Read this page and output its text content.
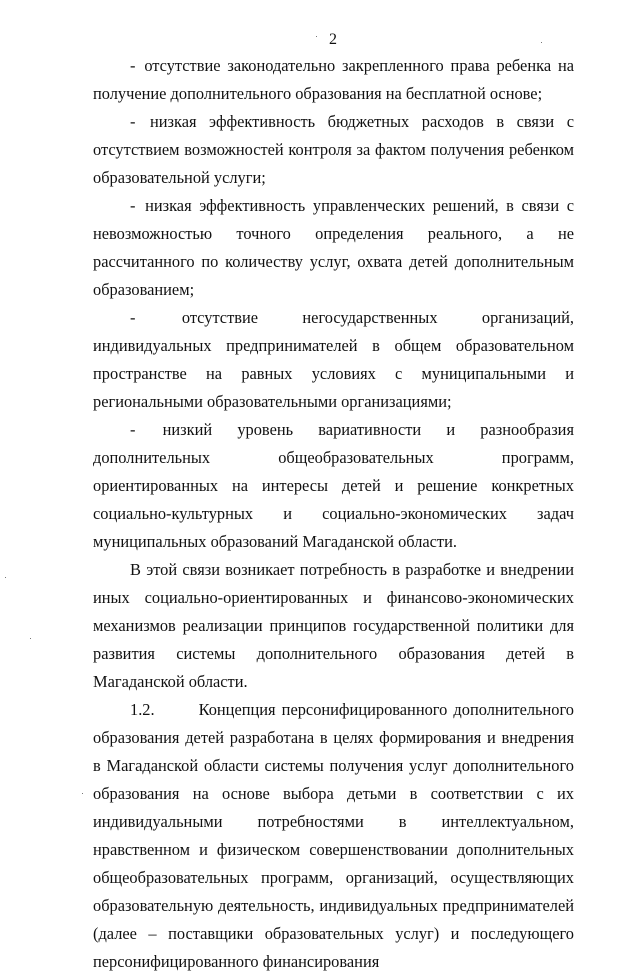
2

- отсутствие законодательно закрепленного права ребенка на получение дополнительного образования на бесплатной основе;

- низкая эффективность бюджетных расходов в связи с отсутствием возможностей контроля за фактом получения ребенком образовательной услуги;

- низкая эффективность управленческих решений, в связи с невозможностью точного определения реального, а не рассчитанного по количеству услуг, охвата детей дополнительным образованием;

- отсутствие негосударственных организаций, индивидуальных предпринимателей в общем образовательном пространстве на равных условиях с муниципальными и региональными образовательными организациями;

- низкий уровень вариативности и разнообразия дополнительных общеобразовательных программ, ориентированных на интересы детей и решение конкретных социально-культурных и социально-экономических задач муниципальных образований Магаданской области.

В этой связи возникает потребность в разработке и внедрении иных социально-ориентированных и финансово-экономических механизмов реализации принципов государственной политики для развития системы дополнительного образования детей в Магаданской области.

1.2.	Концепция персонифицированного дополнительного образования детей разработана в целях формирования и внедрения в Магаданской области системы получения услуг дополнительного образования на основе выбора детьми в соответствии с их индивидуальными потребностями в интеллектуальном, нравственном и физическом совершенствовании дополнительных общеобразовательных программ, организаций, осуществляющих образовательную деятельность, индивидуальных предпринимателей (далее – поставщики образовательных услуг) и последующего персонифицированного финансирования
